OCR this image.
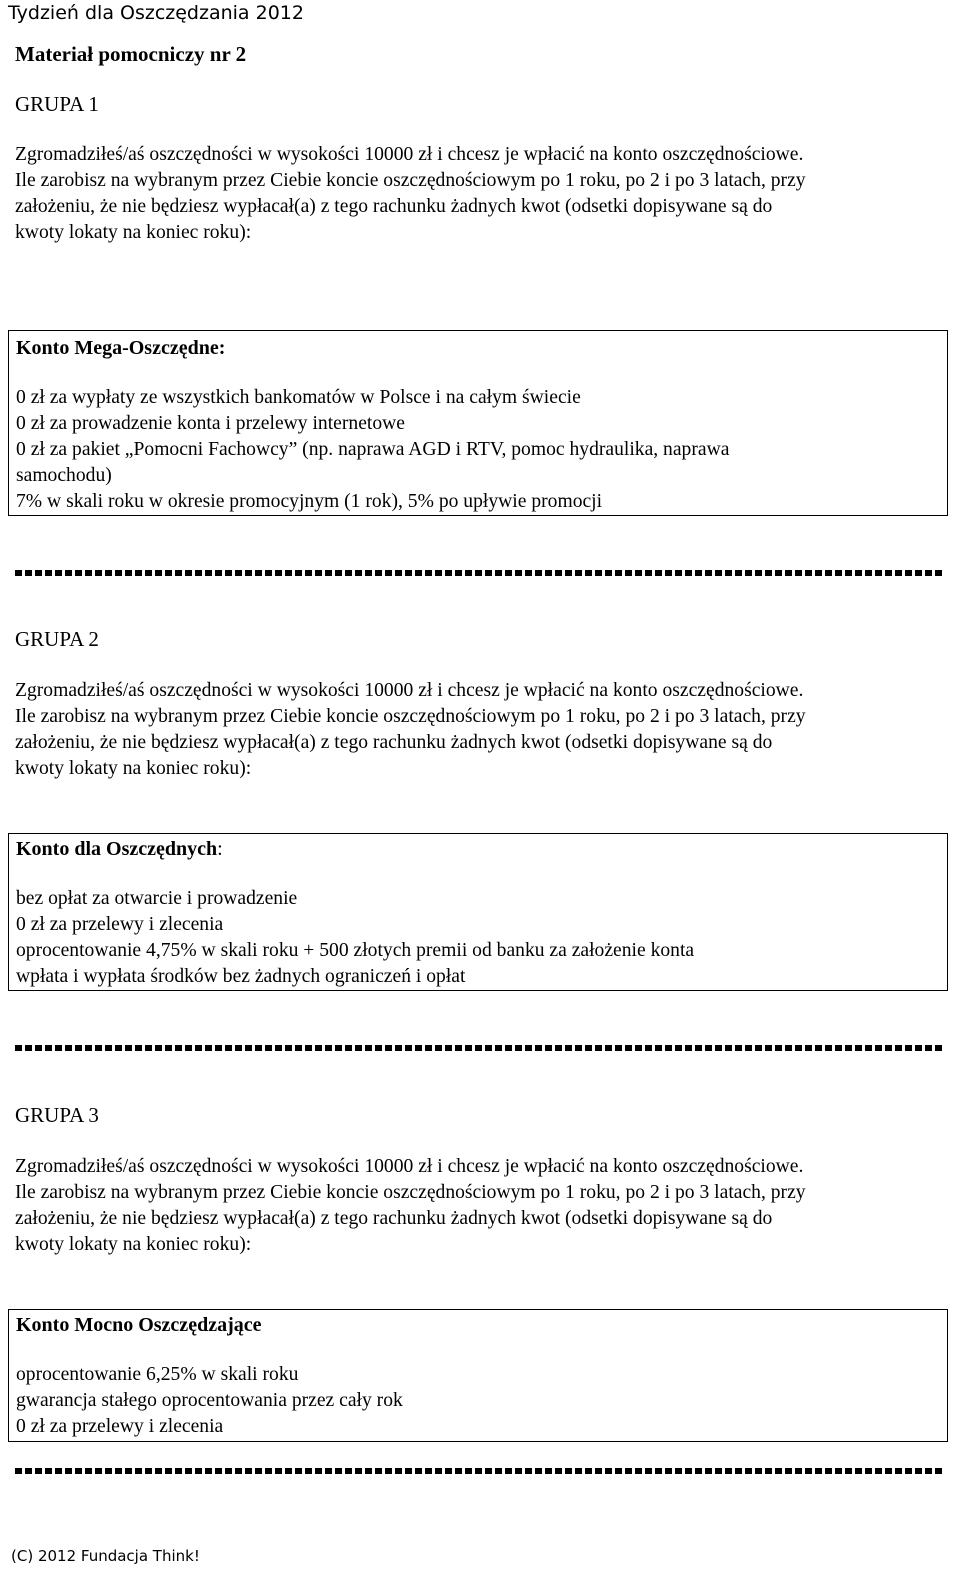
Tydzień dla Oszczędzania 2012
Materiał pomocniczy nr 2
GRUPA 1
Zgromadziłeś/aś oszczędności w wysokości 10000 zł i chcesz je wpłacić na konto oszczędnościowe.
Ile zarobisz na wybranym przez Ciebie koncie oszczędnościowym po 1 roku, po 2 i po 3 latach, przy
założeniu, że nie będziesz wypłacał(a) z tego rachunku żadnych kwot (odsetki dopisywane są do
kwoty lokaty na koniec roku):
Konto Mega-Oszczędne:
0 zł za wypłaty ze wszystkich bankomatów w Polsce i na całym świecie
0 zł za prowadzenie konta i przelewy internetowe
0 zł za pakiet „Pomocni Fachowcy” (np. naprawa AGD i RTV, pomoc hydraulika, naprawa
samochodu)
7% w skali roku w okresie promocyjnym (1 rok), 5% po upływie promocji
GRUPA 2
Zgromadziłeś/aś oszczędności w wysokości 10000 zł i chcesz je wpłacić na konto oszczędnościowe.
Ile zarobisz na wybranym przez Ciebie koncie oszczędnościowym po 1 roku, po 2 i po 3 latach, przy
założeniu, że nie będziesz wypłacał(a) z tego rachunku żadnych kwot (odsetki dopisywane są do
kwoty lokaty na koniec roku):
Konto dla Oszczędnych:
bez opłat za otwarcie i prowadzenie
0 zł za przelewy i zlecenia
oprocentowanie 4,75% w skali roku + 500 złotych premii od banku za założenie konta
wpłata i wypłata środków bez żadnych ograniczeń i opłat
GRUPA 3
Zgromadziłeś/aś oszczędności w wysokości 10000 zł i chcesz je wpłacić na konto oszczędnościowe.
Ile zarobisz na wybranym przez Ciebie koncie oszczędnościowym po 1 roku, po 2 i po 3 latach, przy
założeniu, że nie będziesz wypłacał(a) z tego rachunku żadnych kwot (odsetki dopisywane są do
kwoty lokaty na koniec roku):
Konto Mocno Oszczędzające
oprocentowanie 6,25% w skali roku
gwarancja stałego oprocentowania przez cały rok
0 zł za przelewy i zlecenia
(C) 2012 Fundacja Think!
